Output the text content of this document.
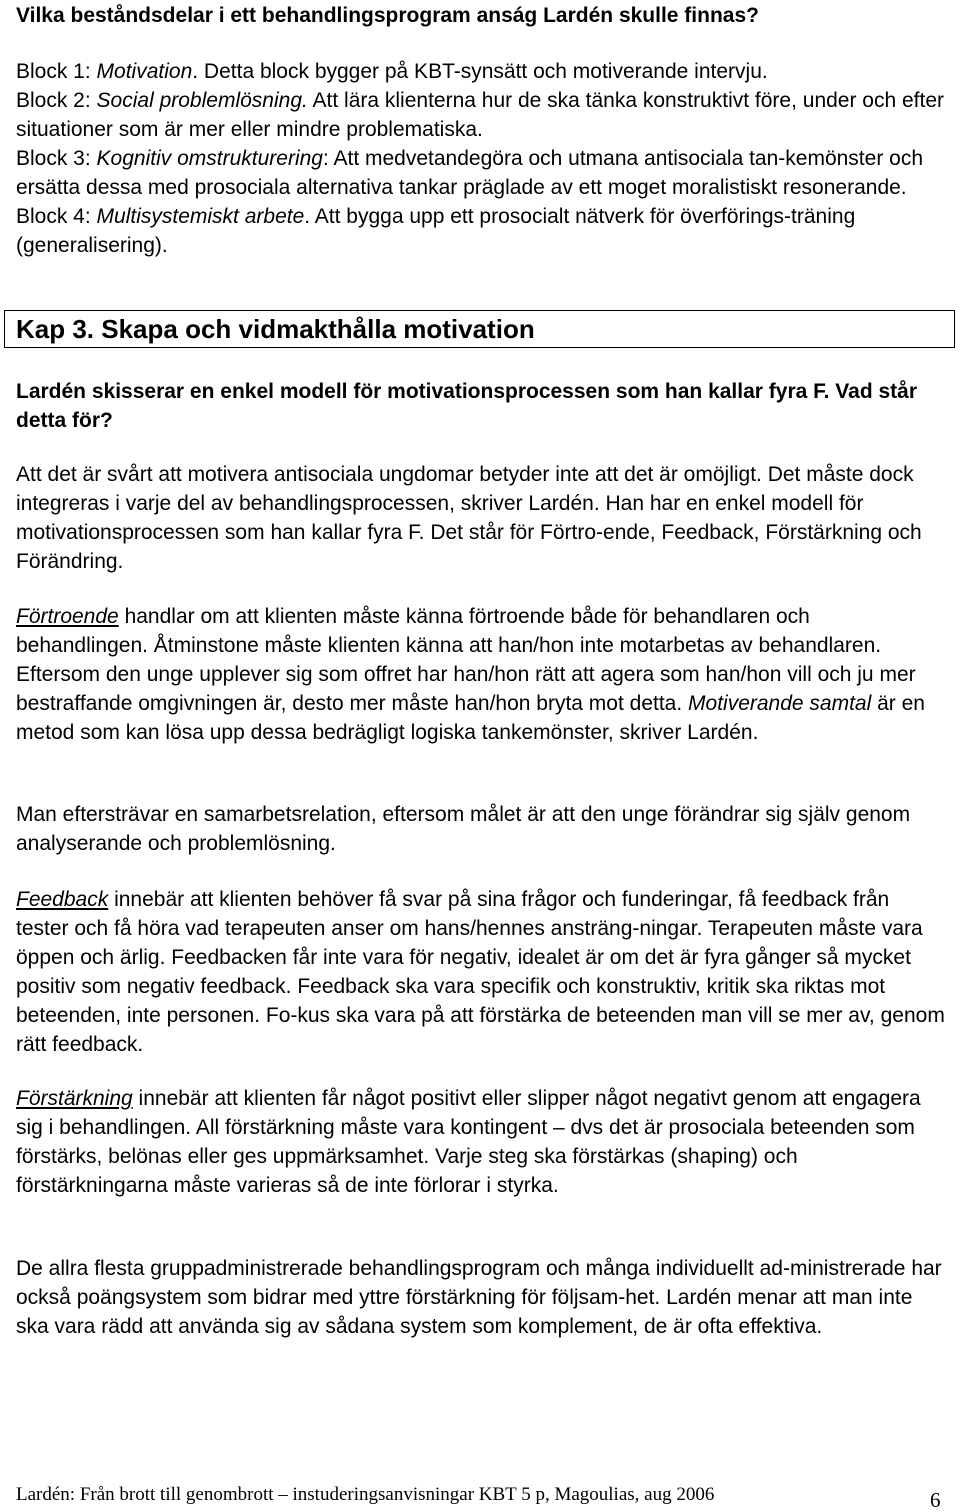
Vilka beståndsdelar i ett behandlingsprogram anság Lardén skulle finnas?

Block 1: Motivation. Detta block bygger på KBT-synsätt och motiverande intervju.

Block 2: Social problemlösning. Att lära klienterna hur de ska tänka konstruktivt före, under och efter situationer som är mer eller mindre problematiska.

Block 3: Kognitiv omstrukturering: Att medvetandegöra och utmana antisociala tan-kemönster och ersätta dessa med prosociala alternativa tankar präglade av ett moget moralistiskt resonerande.

Block 4: Multisystemiskt arbete. Att bygga upp ett prosocialt nätverk för överförings-träning (generalisering).

Kap 3. Skapa och vidmakthålla motivation
Lardén skisserar en enkel modell för motivationsprocessen som han kallar fyra F. Vad står detta för?

Att det är svårt att motivera antisociala ungdomar betyder inte att det är omöjligt. Det måste dock integreras i varje del av behandlingsprocessen, skriver Lardén. Han har en enkel modell för motivationsprocessen som han kallar fyra F. Det står för Förtro-ende, Feedback, Förstärkning och Förändring.

Förtroende handlar om att klienten måste känna förtroende både för behandlaren och behandlingen. Åtminstone måste klienten känna att han/hon inte motarbetas av behandlaren. Eftersom den unge upplever sig som offret har han/hon rätt att agera som han/hon vill och ju mer bestraffande omgivningen är, desto mer måste han/hon bryta mot detta. Motiverande samtal är en metod som kan lösa upp dessa bedrägligt logiska tankemönster, skriver Lardén.

Man eftersträvar en samarbetsrelation, eftersom målet är att den unge förändrar sig själv genom analyserande och problemlösning.

Feedback innebär att klienten behöver få svar på sina frågor och funderingar, få feedback från tester och få höra vad terapeuten anser om hans/hennes ansträng-ningar. Terapeuten måste vara öppen och ärlig. Feedbacken får inte vara för negativ, idealet är om det är fyra gånger så mycket positiv som negativ feedback. Feedback ska vara specifik och konstruktiv, kritik ska riktas mot beteenden, inte personen. Fo-kus ska vara på att förstärka de beteenden man vill se mer av, genom rätt feedback.

Förstärkning innebär att klienten får något positivt eller slipper något negativt genom att engagera sig i behandlingen. All förstärkning måste vara kontingent – dvs det är prosociala beteenden som förstärks, belönas eller ges uppmärksamhet. Varje steg ska förstärkas (shaping) och förstärkningarna måste varieras så de inte förlorar i styrka.

De allra flesta gruppadministrerade behandlingsprogram och många individuellt ad-ministrerade har också poängsystem som bidrar med yttre förstärkning för följsam-het. Lardén menar att man inte ska vara rädd att använda sig av sådana system som komplement, de är ofta effektiva.

Lardén: Från brott till genombrott – instuderingsanvisningar KBT 5 p, Magoulias, aug 2006	6
